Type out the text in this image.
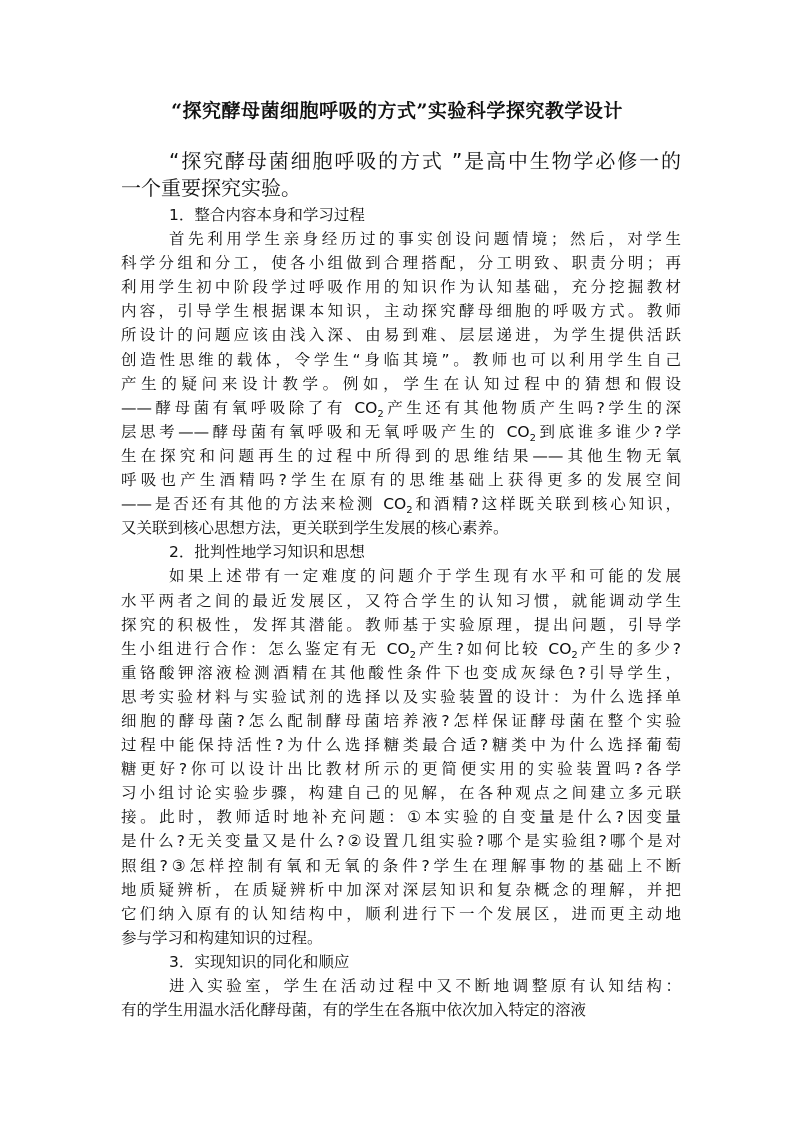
“探究酵母菌细胞呼吸的方式”实验科学探究教学设计
“探究酵母菌细胞呼吸的方式 ”是高中生物学必修一的
一个重要探究实验。
1．整合内容本身和学习过程
首先利用学生亲身经历过的事实创设问题情境；然后，对学生
科学分组和分工，使各小组做到合理搭配，分工明致、职责分明；再
利用学生初中阶段学过呼吸作用的知识作为认知基础，充分挖掘教材
内容，引导学生根据课本知识，主动探究酵母细胞的呼吸方式。教师
所设计的问题应该由浅入深、由易到难、层层递进，为学生提供活跃
创造性思维的载体，令学生“身临其境”。教师也可以利用学生自己
产生的疑问来设计教学。例如，学生在认知过程中的猜想和假设
——酵母菌有氧呼吸除了有 $CO_2$产生还有其他物质产生吗?学生的深
层思考——酵母菌有氧呼吸和无氧呼吸产生的 $CO_2$到底谁多谁少?学
生在探究和问题再生的过程中所得到的思维结果——其他生物无氧
呼吸也产生酒精吗?学生在原有的思维基础上获得更多的发展空间
——是否还有其他的方法来检测 $CO_2$和酒精?这样既关联到核心知识，
又关联到核心思想方法，更关联到学生发展的核心素养。
2．批判性地学习知识和思想
如果上述带有一定难度的问题介于学生现有水平和可能的发展
水平两者之间的最近发展区，又符合学生的认知习惯，就能调动学生
探究的积极性，发挥其潜能。教师基于实验原理，提出问题，引导学
生小组进行合作：怎么鉴定有无 $CO_2$产生?如何比较 $CO_2$产生的多少?
重铬酸钾溶液检测酒精在其他酸性条件下也变成灰绿色?引导学生，
思考实验材料与实验试剂的选择以及实验装置的设计：为什么选择单
细胞的酵母菌?怎么配制酵母菌培养液?怎样保证酵母菌在整个实验
过程中能保持活性?为什么选择糖类最合适?糖类中为什么选择葡萄
糖更好?你可以设计出比教材所示的更简便实用的实验装置吗?各学
习小组讨论实验步骤，构建自己的见解，在各种观点之间建立多元联
接。此时，教师适时地补充问题：①本实验的自变量是什么?因变量
是什么?无关变量又是什么?②设置几组实验?哪个是实验组?哪个是对
照组?③怎样控制有氧和无氧的条件?学生在理解事物的基础上不断
地质疑辨析，在质疑辨析中加深对深层知识和复杂概念的理解，并把
它们纳入原有的认知结构中，顺利进行下一个发展区，进而更主动地
参与学习和构建知识的过程。
3．实现知识的同化和顺应
进入实验室，学生在活动过程中又不断地调整原有认知结构：
有的学生用温水活化酵母菌，有的学生在各瓶中依次加入特定的溶液
